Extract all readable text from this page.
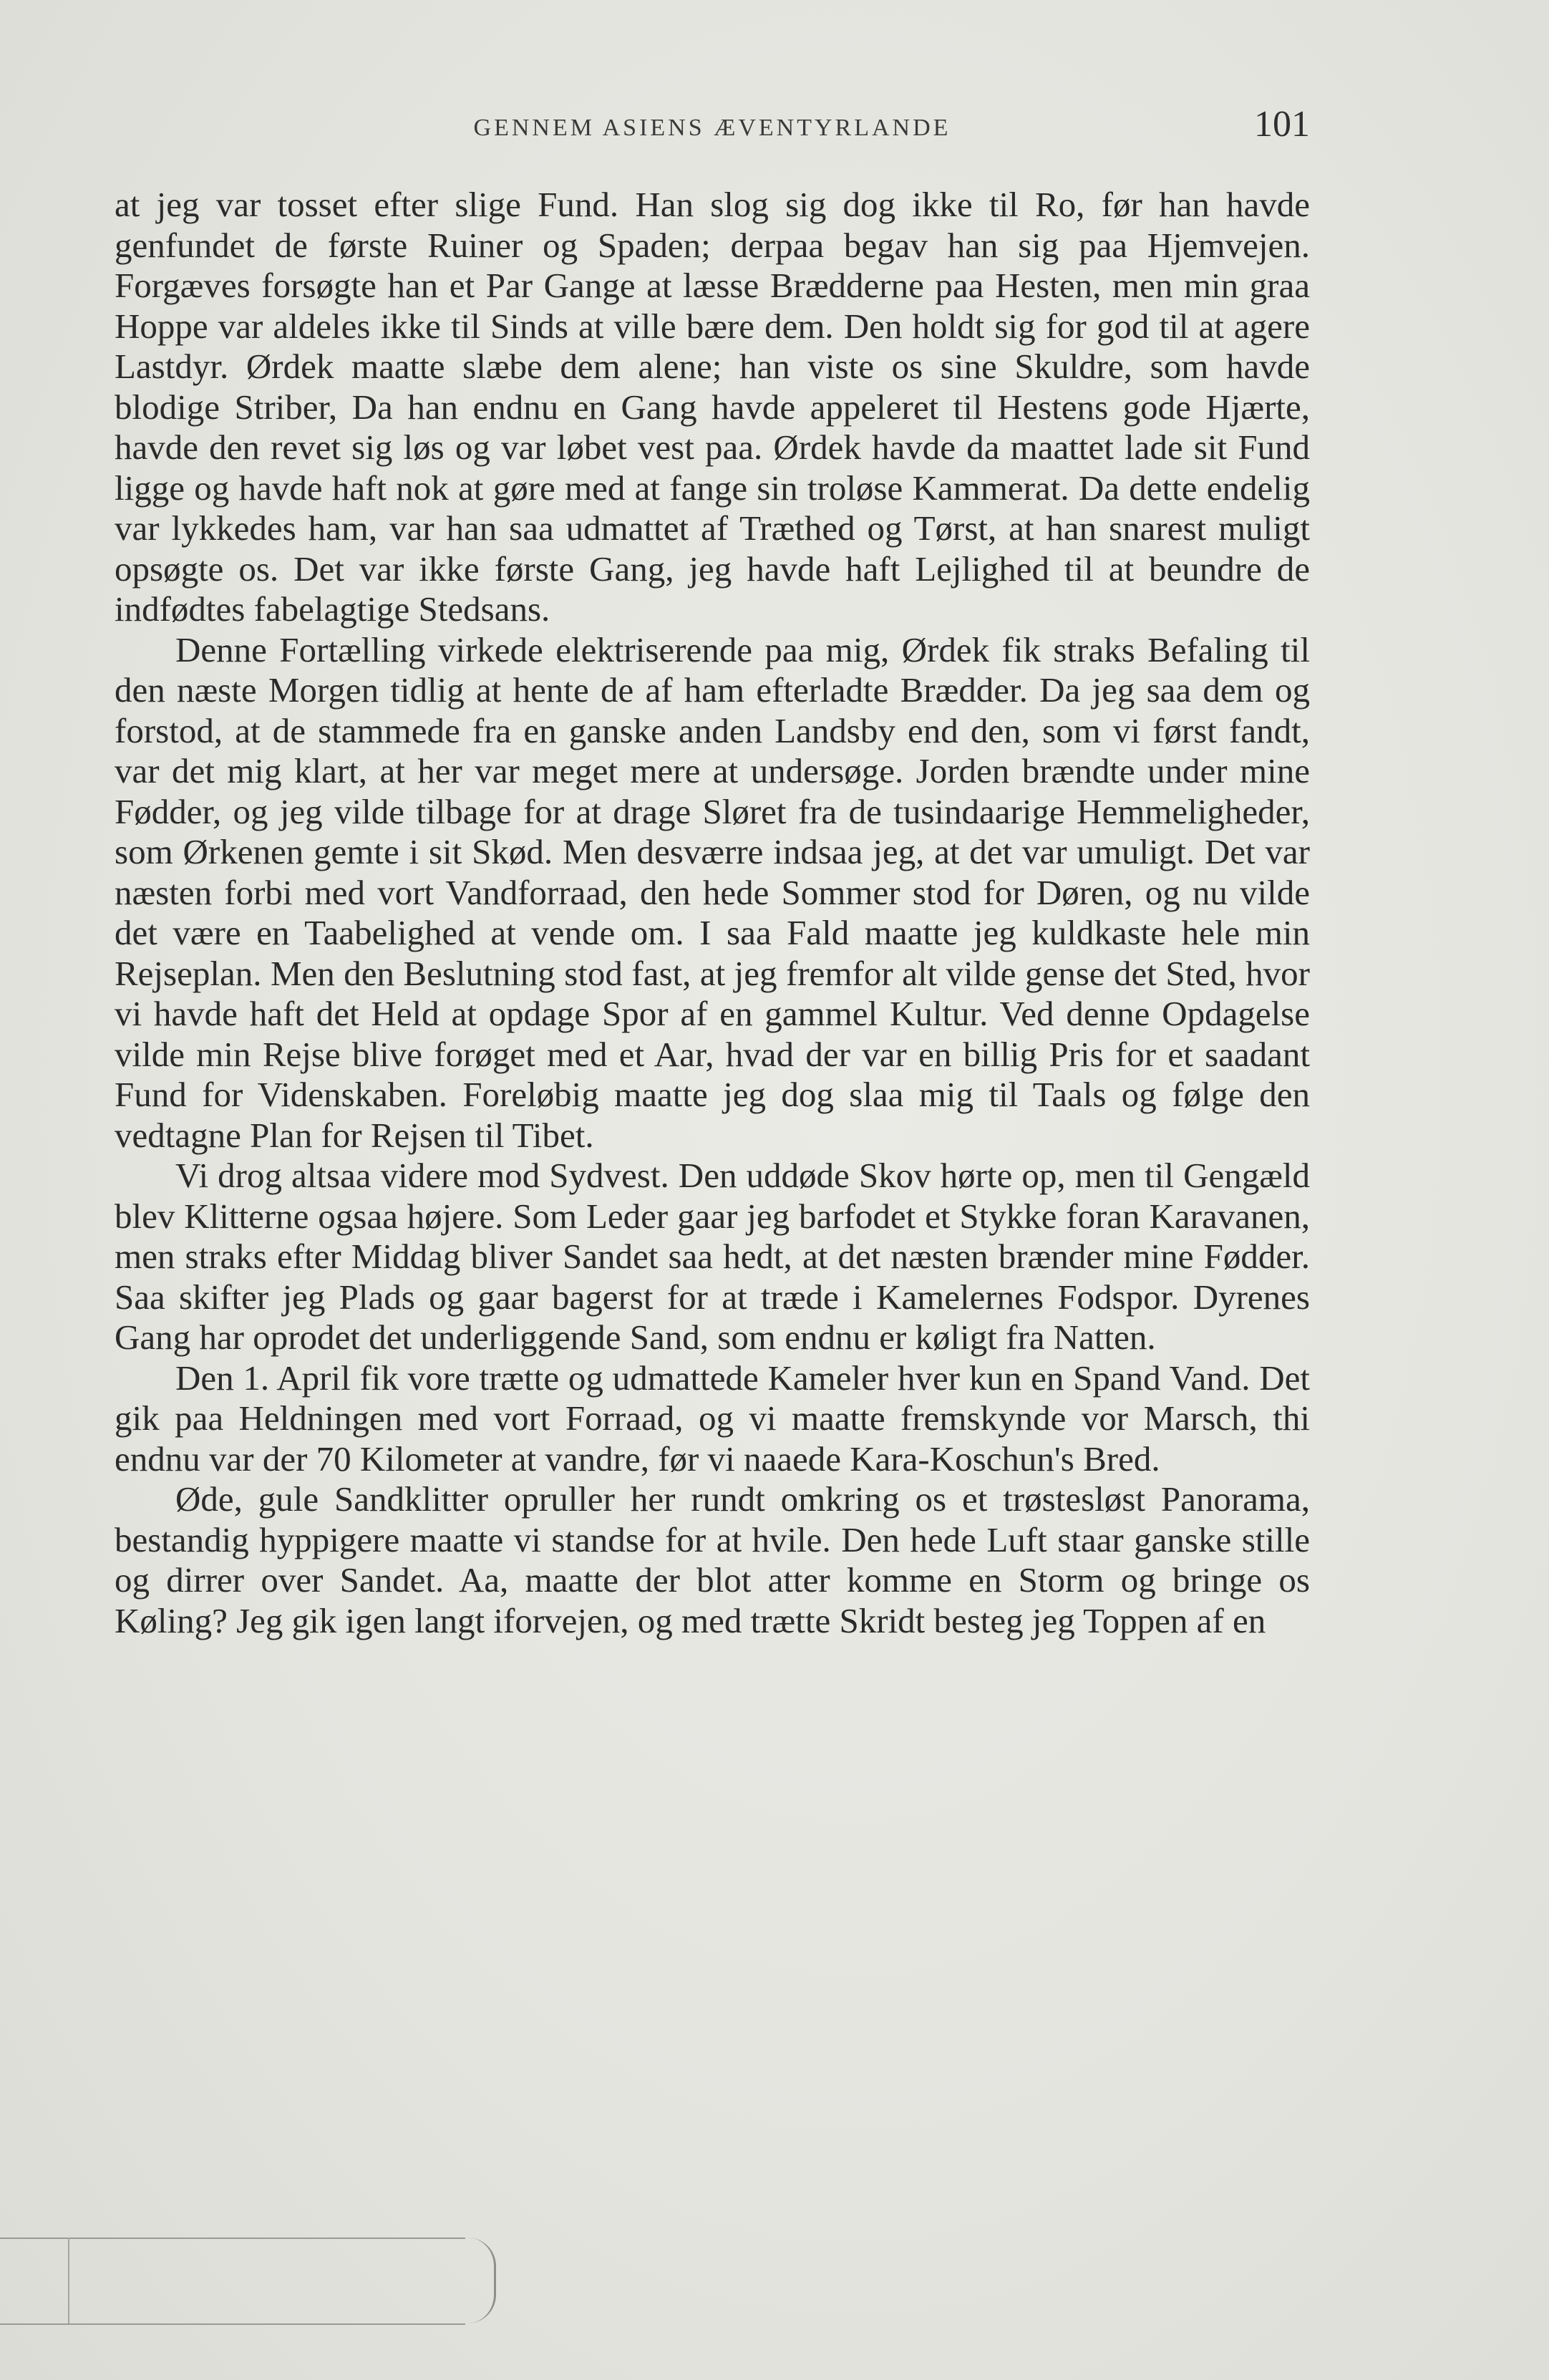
GENNEM ASIENS ÆVENTYRLANDE	101

at jeg var tosset efter slige Fund. Han slog sig dog ikke til Ro, før han havde genfundet de første Ruiner og Spaden; derpaa begav han sig paa Hjemvejen. Forgæves forsøgte han et Par Gange at læsse Brædderne paa Hesten, men min graa Hoppe var aldeles ikke til Sinds at ville bære dem. Den holdt sig for god til at agere Lastdyr. Ørdek maatte slæbe dem alene; han viste os sine Skuldre, som havde blodige Striber, Da han endnu en Gang havde appeleret til Hestens gode Hjærte, havde den revet sig løs og var løbet vest paa. Ørdek havde da maattet lade sit Fund ligge og havde haft nok at gøre med at fange sin troløse Kammerat. Da dette endelig var lykkedes ham, var han saa udmattet af Træthed og Tørst, at han snarest muligt opsøgte os. Det var ikke første Gang, jeg havde haft Lejlighed til at beundre de indfødtes fabelagtige Stedsans.

Denne Fortælling virkede elektriserende paa mig, Ørdek fik straks Befaling til den næste Morgen tidlig at hente de af ham efterladte Brædder. Da jeg saa dem og forstod, at de stammede fra en ganske anden Landsby end den, som vi først fandt, var det mig klart, at her var meget mere at undersøge. Jorden brændte under mine Fødder, og jeg vilde tilbage for at drage Sløret fra de tusindaarige Hemmeligheder, som Ørkenen gemte i sit Skød. Men desværre indsaa jeg, at det var umuligt. Det var næsten forbi med vort Vandforraad, den hede Sommer stod for Døren, og nu vilde det være en Taabelighed at vende om. I saa Fald maatte jeg kuldkaste hele min Rejseplan. Men den Beslutning stod fast, at jeg fremfor alt vilde gense det Sted, hvor vi havde haft det Held at opdage Spor af en gammel Kultur. Ved denne Opdagelse vilde min Rejse blive forøget med et Aar, hvad der var en billig Pris for et saadant Fund for Videnskaben. Foreløbig maatte jeg dog slaa mig til Taals og følge den vedtagne Plan for Rejsen til Tibet.

Vi drog altsaa videre mod Sydvest. Den uddøde Skov hørte op, men til Gengæld blev Klitterne ogsaa højere. Som Leder gaar jeg barfodet et Stykke foran Karavanen, men straks efter Middag bliver Sandet saa hedt, at det næsten brænder mine Fødder. Saa skifter jeg Plads og gaar bagerst for at træde i Kamelernes Fodspor. Dyrenes Gang har oprodet det underliggende Sand, som endnu er køligt fra Natten.

Den 1. April fik vore trætte og udmattede Kameler hver kun en Spand Vand. Det gik paa Heldningen med vort Forraad, og vi maatte fremskynde vor Marsch, thi endnu var der 70 Kilometer at vandre, før vi naaede Kara-Koschun's Bred.

Øde, gule Sandklitter opruller her rundt omkring os et trøstesløst Panorama, bestandig hyppigere maatte vi standse for at hvile. Den hede Luft staar ganske stille og dirrer over Sandet. Aa, maatte der blot atter komme en Storm og bringe os Køling? Jeg gik igen langt iforvejen, og med trætte Skridt besteg jeg Toppen af en
